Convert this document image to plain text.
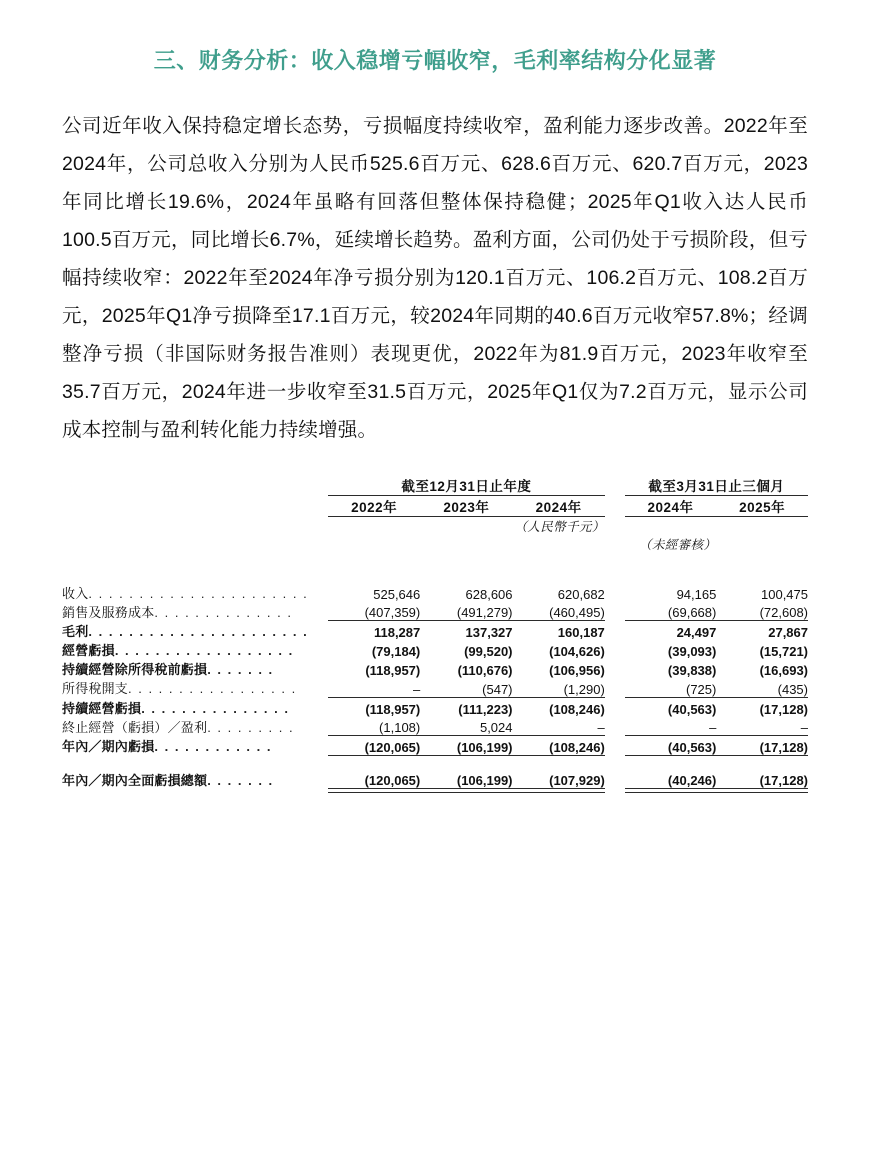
三、财务分析：收入稳增亏幅收窄，毛利率结构分化显著
公司近年收入保持稳定增长态势，亏损幅度持续收窄，盈利能力逐步改善。2022年至2024年，公司总收入分别为人民币525.6百万元、628.6百万元、620.7百万元，2023年同比增长19.6%，2024年虽略有回落但整体保持稳健；2025年Q1收入达人民币100.5百万元，同比增长6.7%，延续增长趋势。盈利方面，公司仍处于亏损阶段，但亏幅持续收窄：2022年至2024年净亏损分别为120.1百万元、106.2百万元、108.2百万元，2025年Q1净亏损降至17.1百万元，较2024年同期的40.6百万元收窄57.8%；经调整净亏损（非国际财务报告准则）表现更优，2022年为81.9百万元，2023年收窄至35.7百万元，2024年进一步收窄至31.5百万元，2025年Q1仅为7.2百万元，显示公司成本控制与盈利转化能力持续增强。
	截至12月31日止年度				截至3月31日止三個月	
	2022年	2023年	2024年		2024年	2025年

			（人民幣千元）			
					（未經審核）	

收入. . . . . . . . . . . . . . . . . . . . . .	525,646	628,606	620,682		94,165	100,475
銷售及服務成本. . . . . . . . . . . . . .	(407,359)	(491,279)	(460,495)		(69,668)	(72,608)

毛利. . . . . . . . . . . . . . . . . . . . . .	118,287	137,327	160,187		24,497	27,867
經營虧損. . . . . . . . . . . . . . . . . .	(79,184)	(99,520)	(104,626)		(39,093)	(15,721)
持續經營除所得稅前虧損. . . . . . .	(118,957)	(110,676)	(106,956)		(39,838)	(16,693)
所得稅開支. . . . . . . . . . . . . . . . .	–	(547)	(1,290)		(725)	(435)

持續經營虧損. . . . . . . . . . . . . . .	(118,957)	(111,223)	(108,246)		(40,563)	(17,128)
終止經營（虧損）／盈利. . . . . . . . .	(1,108)	5,024	–		–	–

年內／期內虧損. . . . . . . . . . . .	(120,065)	(106,199)	(108,246)		(40,563)	(17,128)

年內／期內全面虧損總額. . . . . . .	(120,065)	(106,199)	(107,929)		(40,246)	(17,128)
